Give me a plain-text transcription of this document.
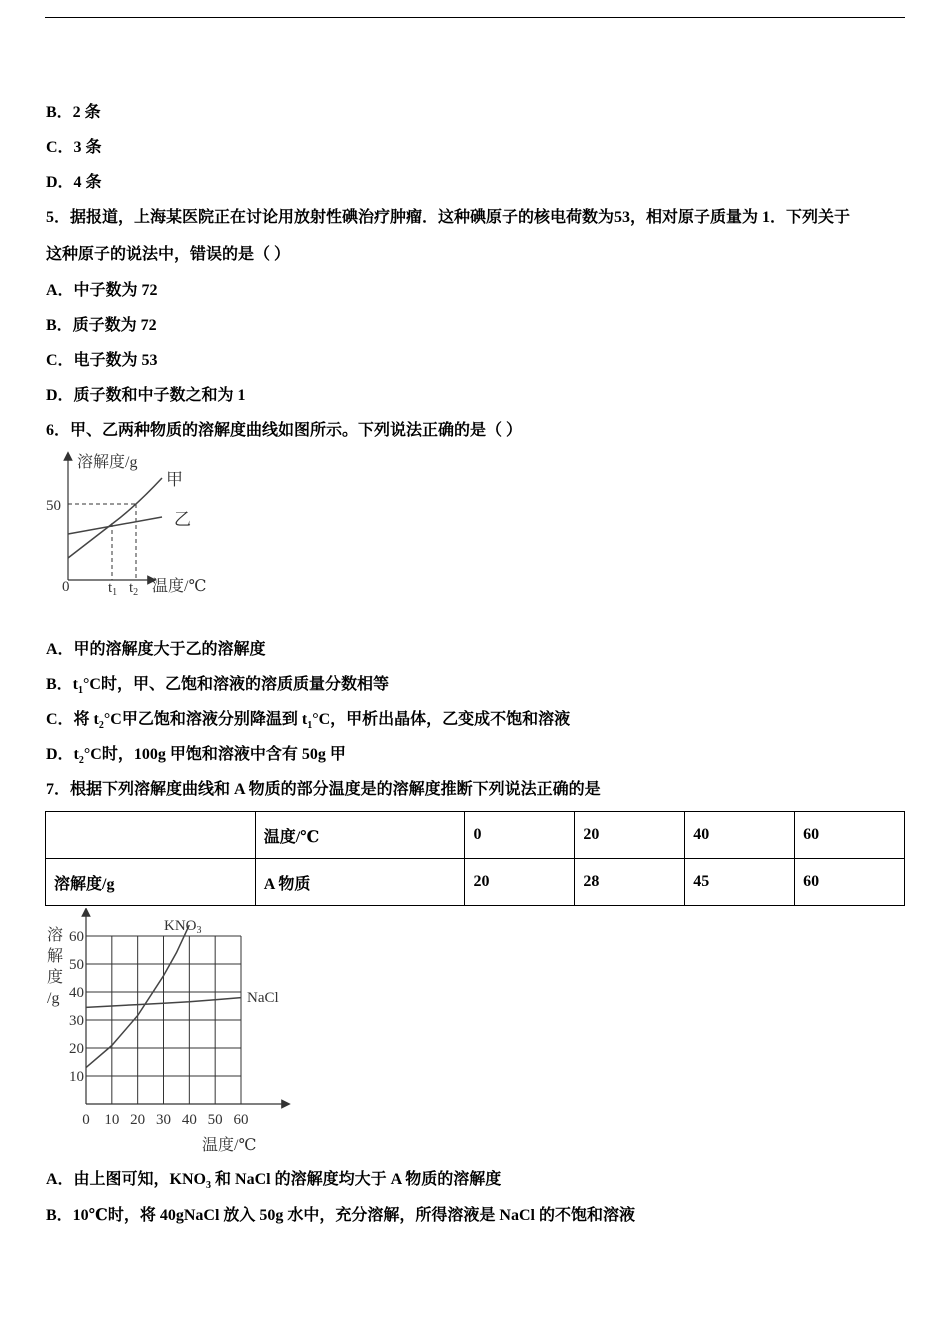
B．2 条
C．3 条
D．4 条
5．据报道，上海某医院正在讨论用放射性碘治疗肿瘤．这种碘原子的核电荷数为53，相对原子质量为 1．下列关于
这种原子的说法中，错误的是（ ）
A．中子数为 72
B．质子数为 72
C．电子数为 53
D．质子数和中子数之和为 1
6．甲、乙两种物质的溶解度曲线如图所示。下列说法正确的是（ ）
溶解度/g
50
0	$t_1$ $t_2$ 温度/℃
甲
乙
A．甲的溶解度大于乙的溶解度
B．$t_1^\circ C$时，甲、乙饱和溶液的溶质质量分数相等
C．将 $t_2^\circ C$甲乙饱和溶液分别降温到 $t_1^\circ C$，甲析出晶体，乙变成不饱和溶液
D．$t_2^\circ C$时，100g 甲饱和溶液中含有 50g 甲
7．根据下列溶解度曲线和 A 物质的部分温度是的溶解度推断下列说法正确的是
	温度/℃	0	20	40	60
溶解度/g	A 物质	20	28	45	60
溶
解
度
/g
0 10 20 30 40 50 60
10
20
30
40
50
60
温度/℃
$KNO_3$
NaCl
A．由上图可知，$KNO_3$ 和 NaCl 的溶解度均大于 A 物质的溶解度
B．10℃时，将 40gNaCl 放入 50g 水中，充分溶解，所得溶液是 NaCl 的不饱和溶液
